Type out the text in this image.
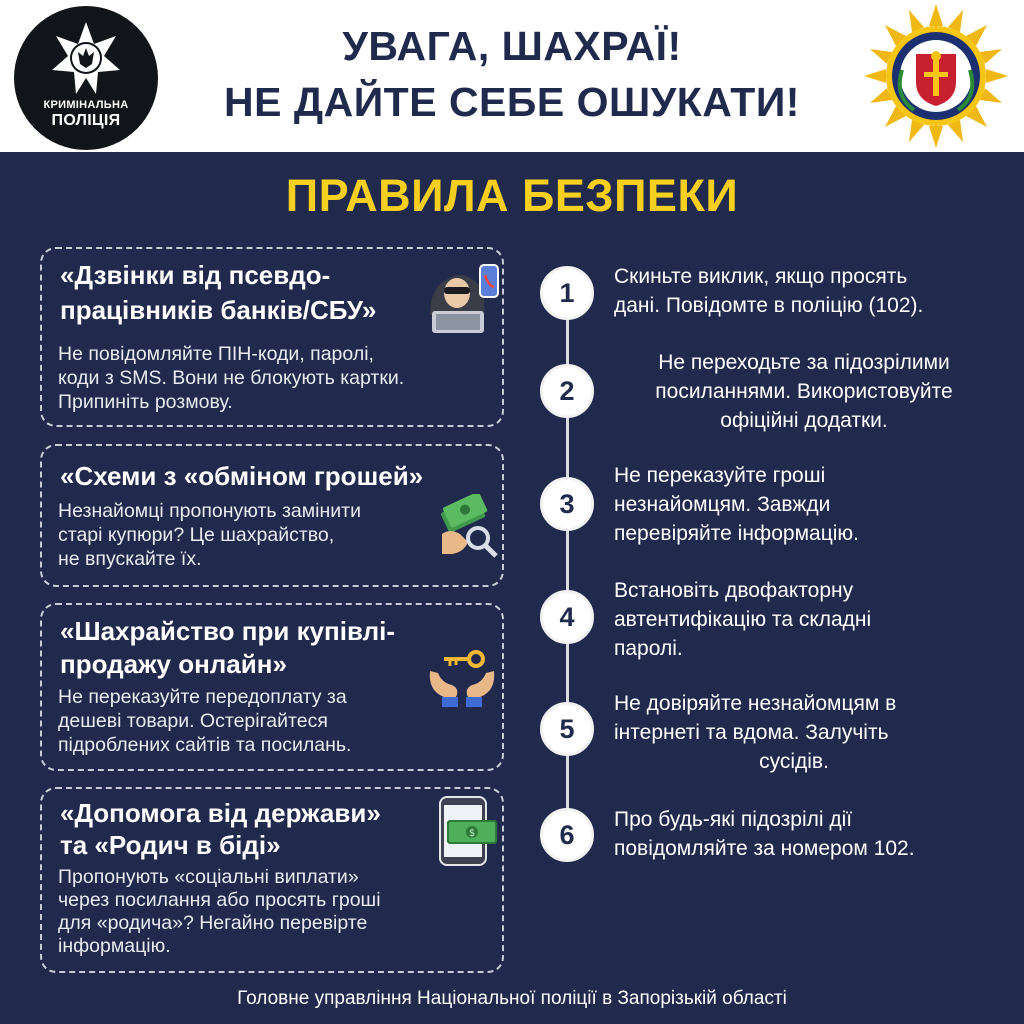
КРИМІНАЛЬНА
ПОЛІЦІЯ
УВАГА, ШАХРАЇ!
НЕ ДАЙТЕ СЕБЕ ОШУКАТИ!
ПРАВИЛА БЕЗПЕКИ
«Дзвінки від псевдо-
працівників банків/СБУ»
Не повідомляйте ПІН-коди, паролі,
коди з SMS. Вони не блокують картки.
Припиніть розмову.
«Схеми з «обміном грошей»
Незнайомці пропонують замінити
старі купюри? Це шахрайство,
не впускайте їх.
«Шахрайство при купівлі-
продажу онлайн»
Не переказуйте передоплату за
дешеві товари. Остерігайтеся
підроблених сайтів та посилань.
«Допомога від держави»
та «Родич в біді»
Пропонують «соціальні виплати»
через посилання або просять гроші
для «родича»? Негайно перевірте
інформацію.
$
1
Скиньте виклик, якщо просять
дані. Повідомте в поліцію (102).
2
Не переходьте за підозрілими
посиланнями. Використовуйте
офіційні додатки.
3
Не переказуйте гроші
незнайомцям. Завжди
перевіряйте інформацію.
4
Встановіть двофакторну
автентифікацію та складні
паролі.
5
Не довіряйте незнайомцям в
інтернеті та вдома. Залучіть
сусідів.
6
Про будь-які підозрілі дії
повідомляйте за номером 102.
Головне управління Національної поліції в Запорізькій області
